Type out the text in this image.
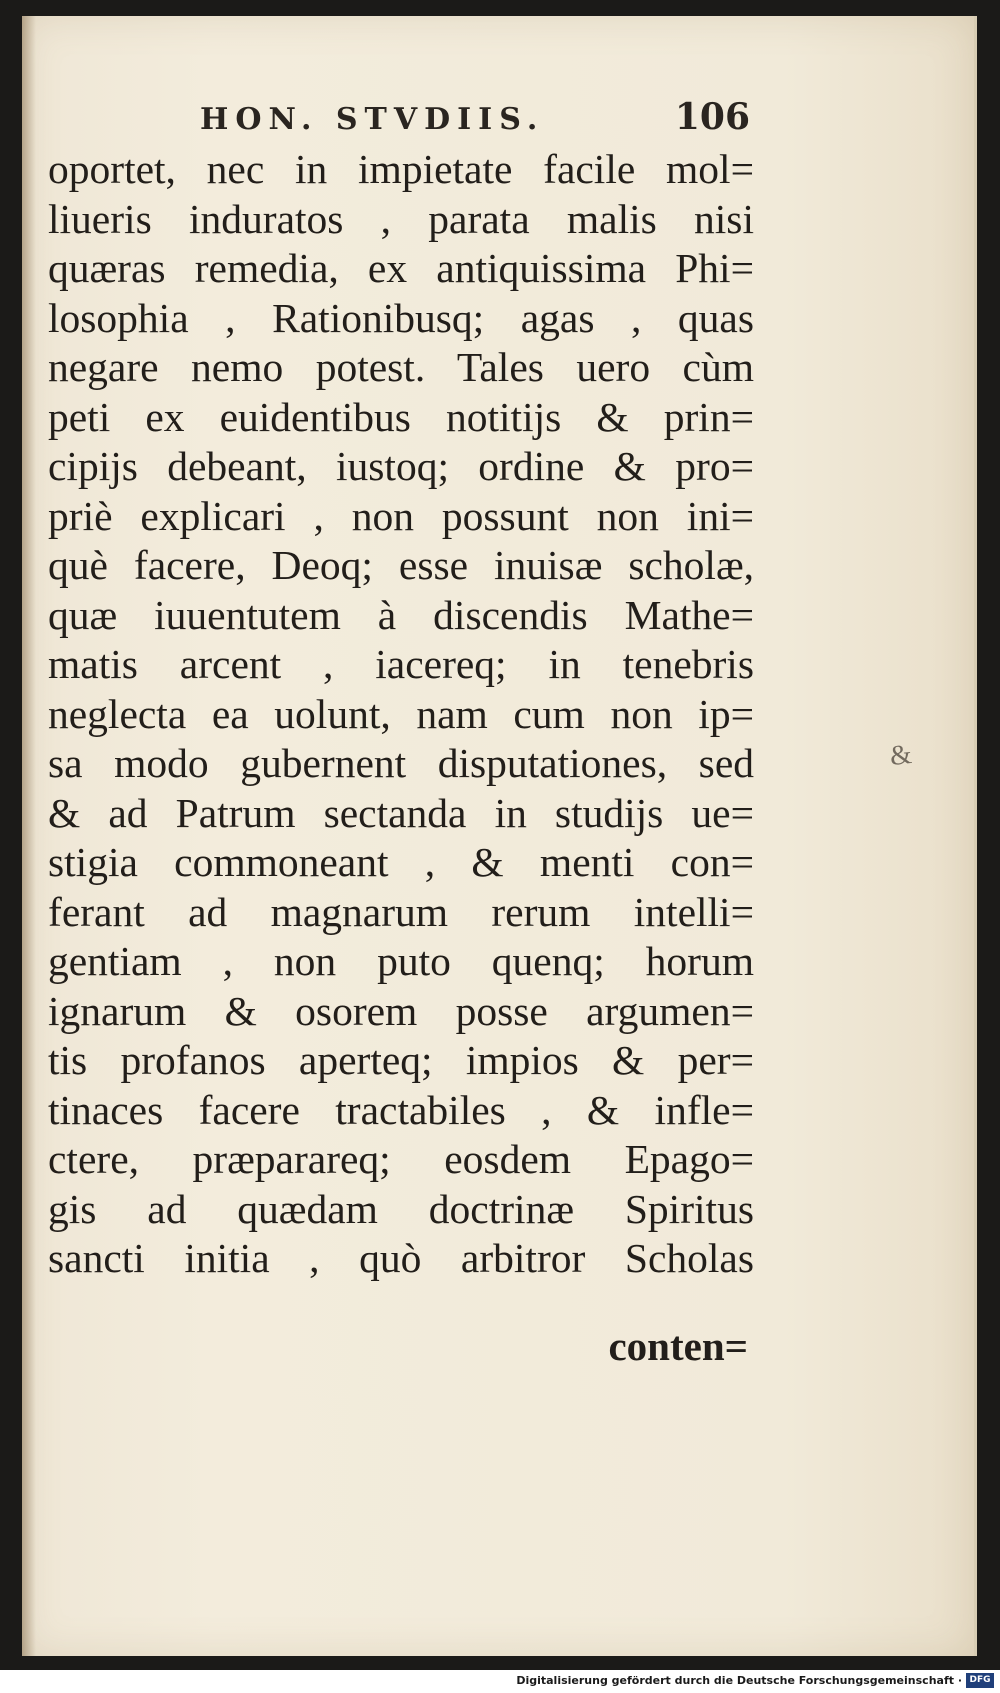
HON. STVDIIS.	106
oportet, nec in impietate facile mol=
liueris induratos , parata malis nisi
quæras remedia, ex antiquissima Phi=
losophia , Rationibusq; agas , quas
negare nemo potest. Tales uero cùm
peti ex euidentibus notitijs & prin=
cipijs debeant, iustoq; ordine & pro=
priè explicari , non possunt non ini=
què facere, Deoq; esse inuisæ scholæ,
quæ iuuentutem à discendis Mathe=
matis arcent , iacereq; in tenebris
neglecta ea uolunt, nam cum non ip=
sa modo gubernent disputationes, sed
& ad Patrum sectanda in studijs ue=
stigia commoneant , & menti con=
ferant ad magnarum rerum intelli=
gentiam , non puto quenq; horum
ignarum & osorem posse argumen=
tis profanos aperteq; impios & per=
tinaces facere tractabiles , & infle=
ctere, præparareq; eosdem Epago=
gis ad quædam doctrinæ Spiritus
sancti initia , quò arbitror Scholas
conten=
&
Digitalisierung gefördert durch die Deutsche Forschungsgemeinschaft · DFG
